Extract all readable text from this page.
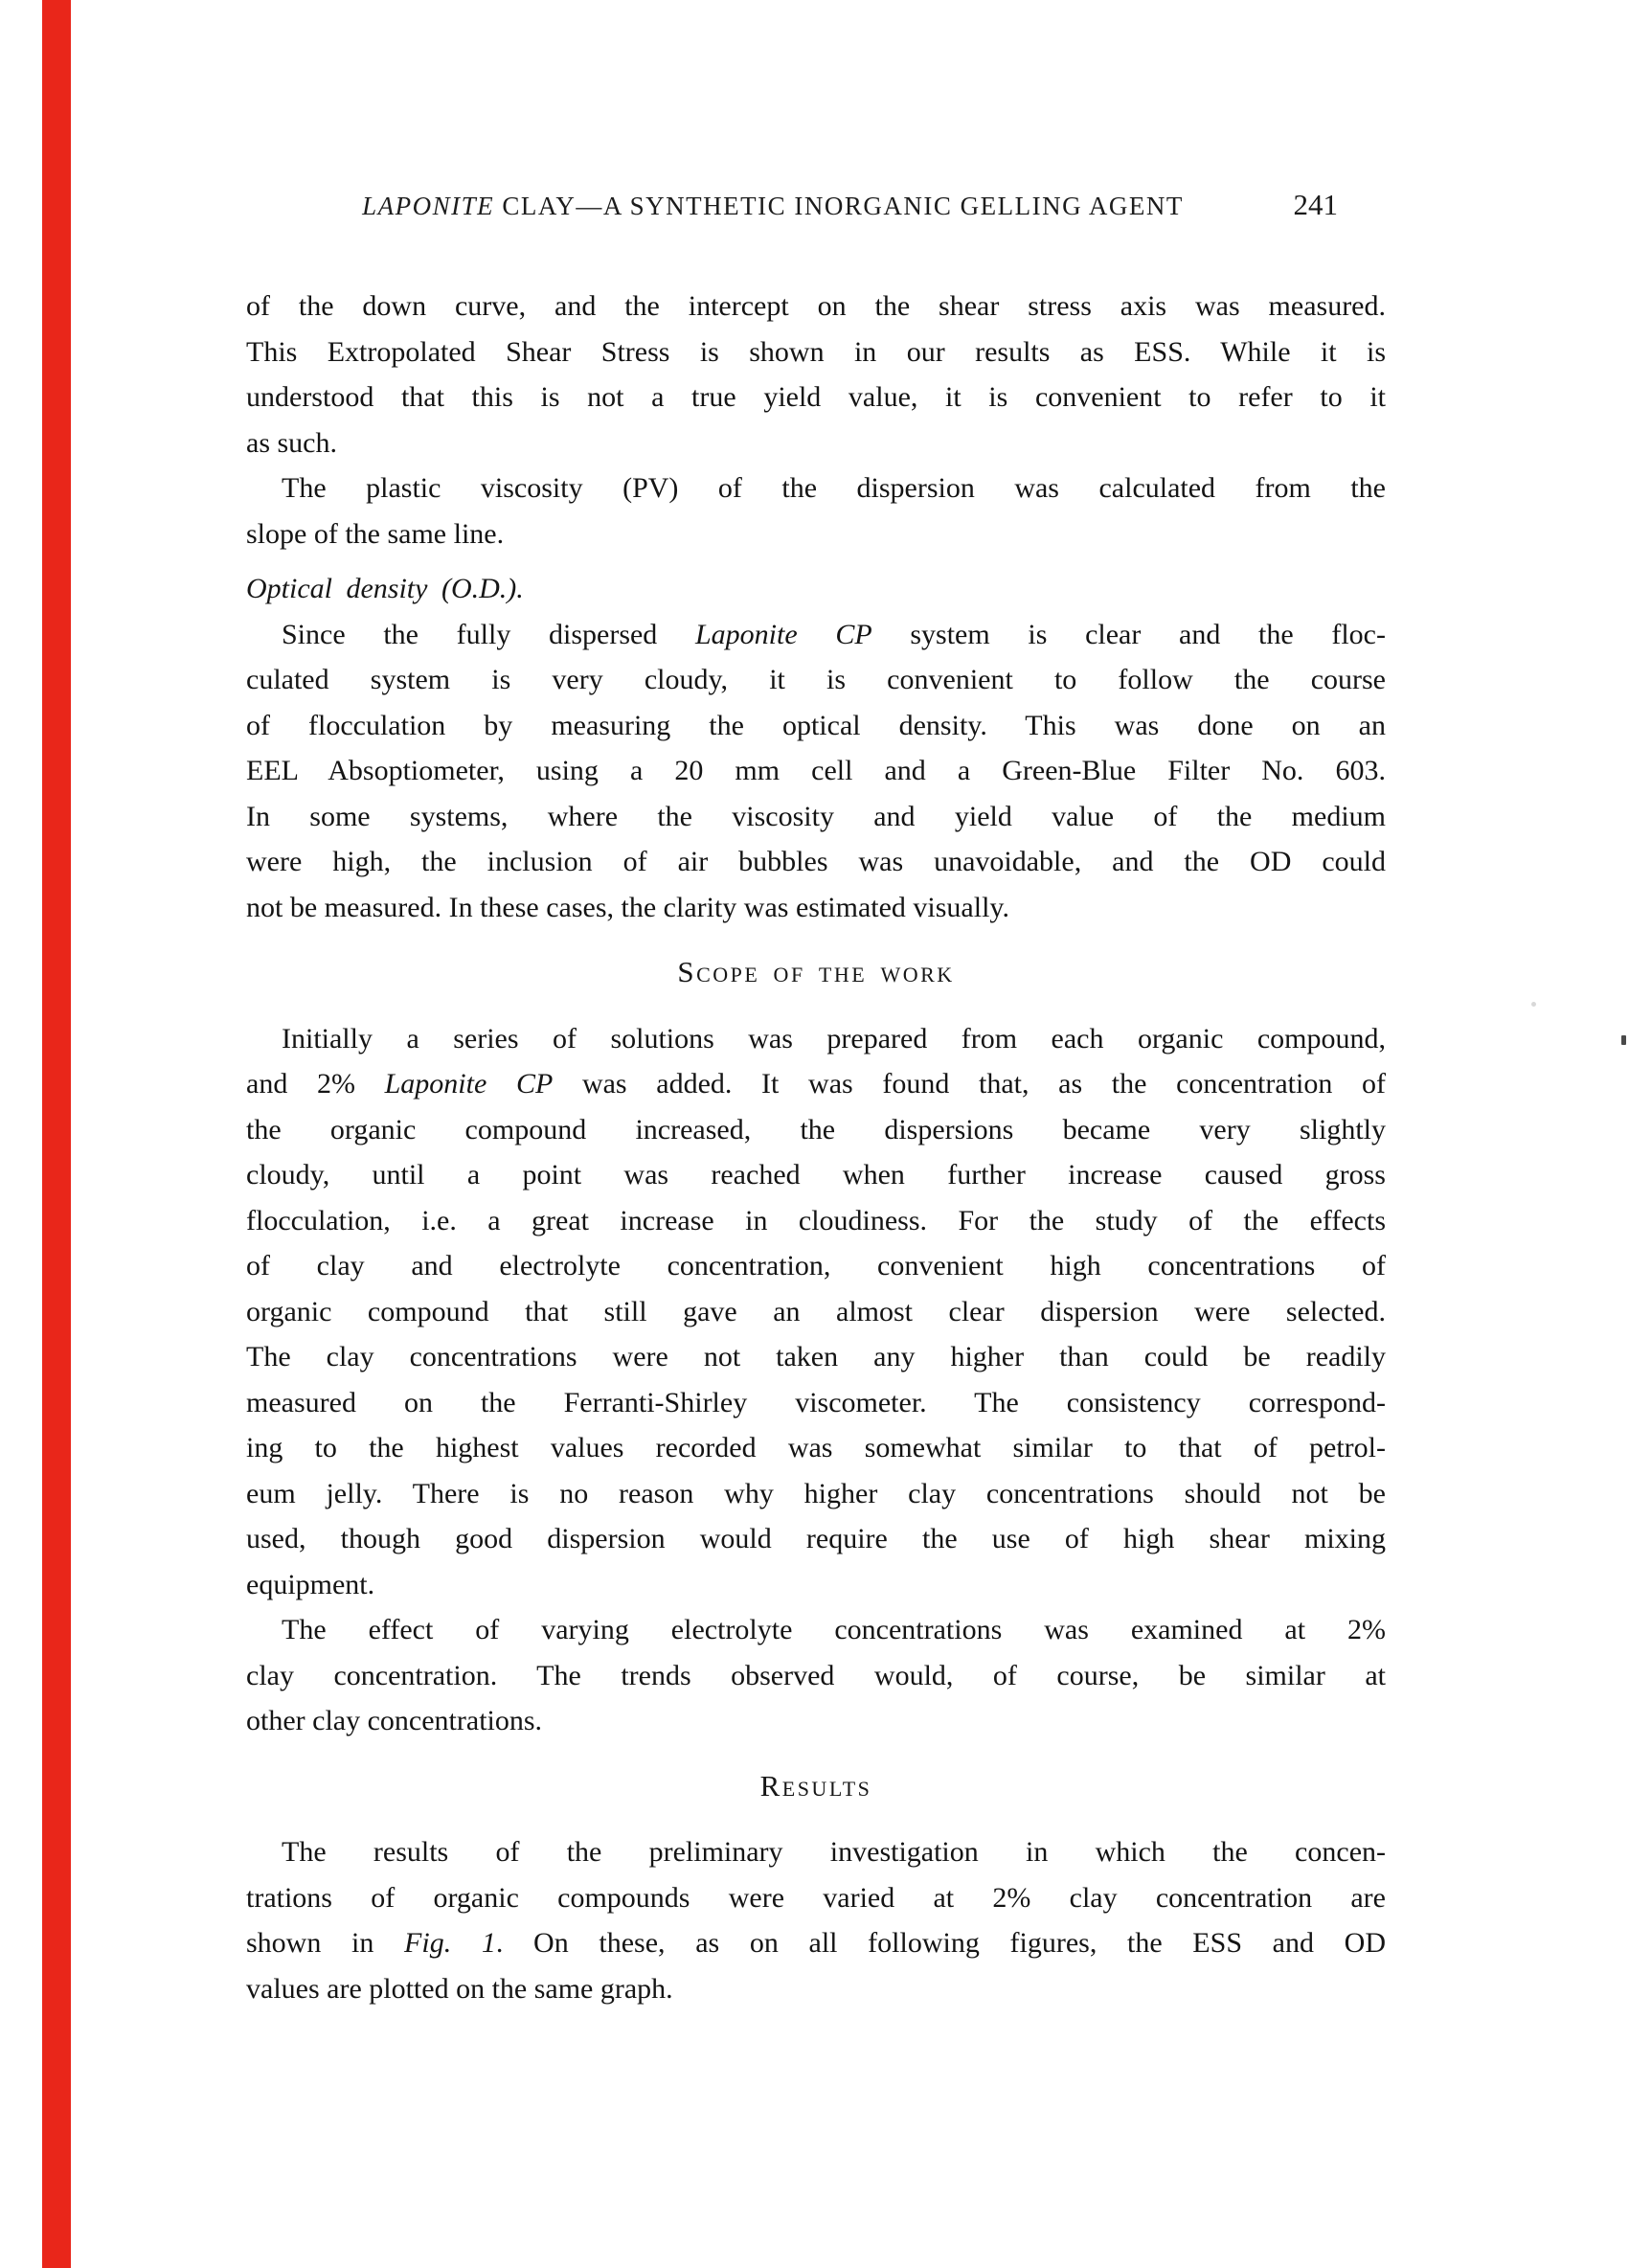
LAPONITE CLAY—A SYNTHETIC INORGANIC GELLING AGENT	241
of the down curve, and the intercept on the shear stress axis was measured.
This Extropolated Shear Stress is shown in our results as ESS. While it is
understood that this is not a true yield value, it is convenient to refer to it
as such.
The plastic viscosity (PV) of the dispersion was calculated from the
slope of the same line.
Optical density (O.D.).
Since the fully dispersed Laponite CP system is clear and the floc-
culated system is very cloudy, it is convenient to follow the course
of flocculation by measuring the optical density. This was done on an
EEL Absoptiometer, using a 20 mm cell and a Green-Blue Filter No. 603.
In some systems, where the viscosity and yield value of the medium
were high, the inclusion of air bubbles was unavoidable, and the OD could
not be measured. In these cases, the clarity was estimated visually.
Scope of the work
Initially a series of solutions was prepared from each organic compound,
and 2% Laponite CP was added. It was found that, as the concentration of
the organic compound increased, the dispersions became very slightly
cloudy, until a point was reached when further increase caused gross
flocculation, i.e. a great increase in cloudiness. For the study of the effects
of clay and electrolyte concentration, convenient high concentrations of
organic compound that still gave an almost clear dispersion were selected.
The clay concentrations were not taken any higher than could be readily
measured on the Ferranti-Shirley viscometer. The consistency correspond-
ing to the highest values recorded was somewhat similar to that of petrol-
eum jelly. There is no reason why higher clay concentrations should not be
used, though good dispersion would require the use of high shear mixing
equipment.
The effect of varying electrolyte concentrations was examined at 2%
clay concentration. The trends observed would, of course, be similar at
other clay concentrations.
Results
The results of the preliminary investigation in which the concen-
trations of organic compounds were varied at 2% clay concentration are
shown in Fig. 1. On these, as on all following figures, the ESS and OD
values are plotted on the same graph.
